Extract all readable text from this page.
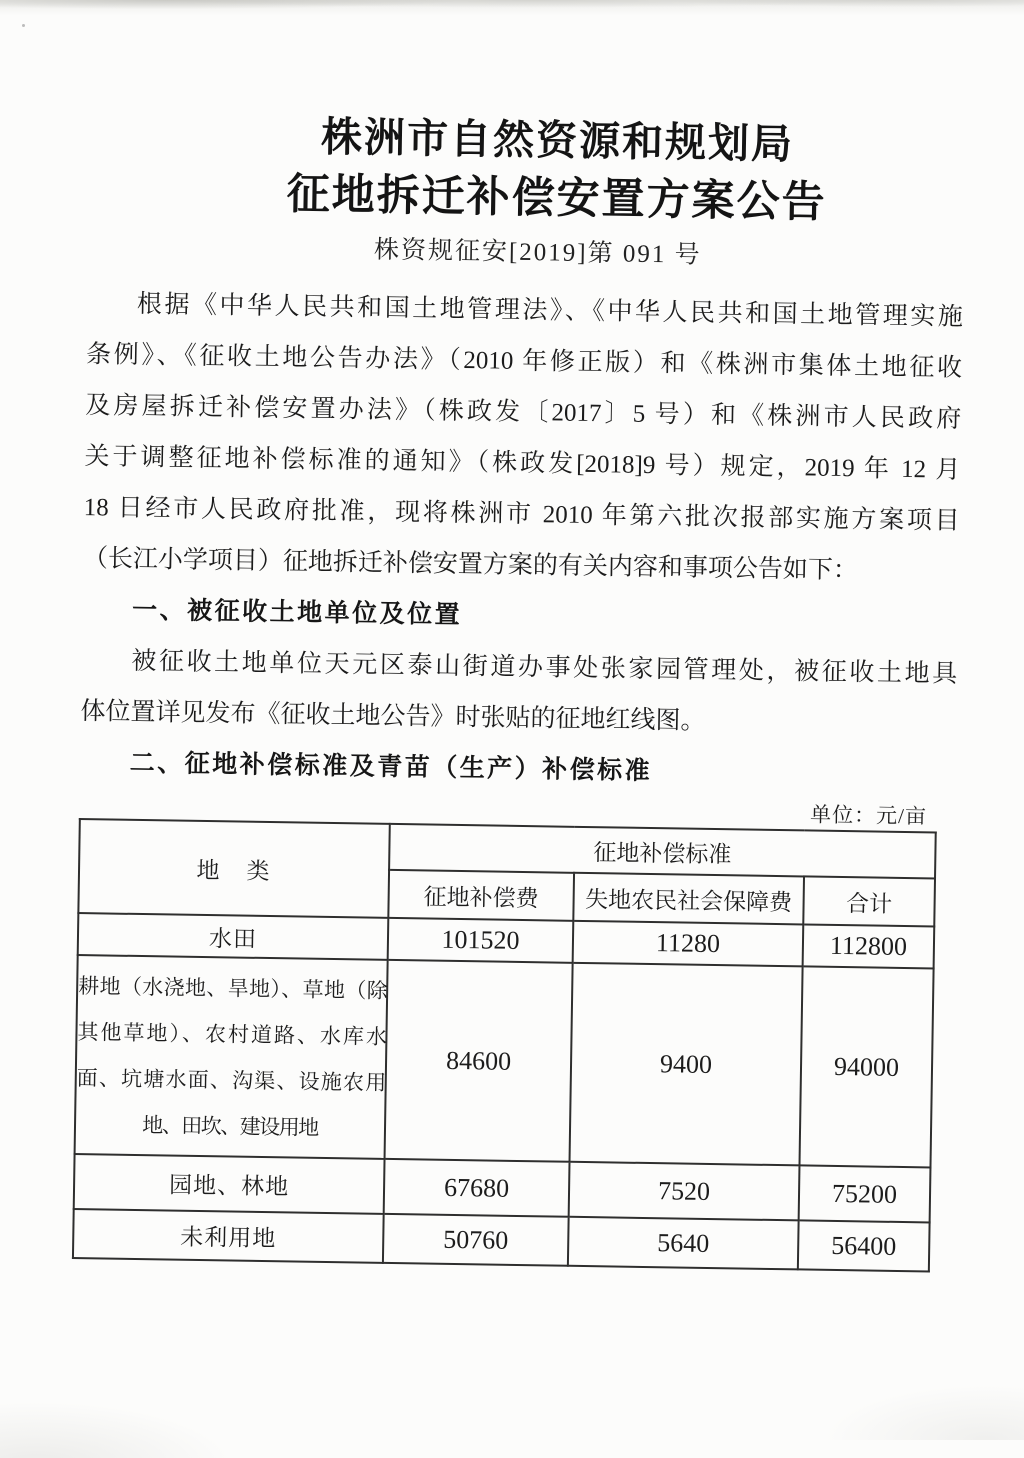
株洲市自然资源和规划局
征地拆迁补偿安置方案公告
株资规征安[2019]第 091 号

根据《中华人民共和国土地管理法》、《中华人民共和国土地管理实施

条例》、《征收土地公告办法》（2010 年修正版）和《株洲市集体土地征收

及房屋拆迁补偿安置办法》（株政发〔2017〕5 号）和《株洲市人民政府

关于调整征地补偿标准的通知》（株政发[2018]9 号）规定，2019 年 12 月

18 日经市人民政府批准，现将株洲市 2010 年第六批次报部实施方案项目

（长江小学项目）征地拆迁补偿安置方案的有关内容和事项公告如下：

一、被征收土地单位及位置

被征收土地单位天元区泰山街道办事处张家园管理处，被征收土地具

体位置详见发布《征收土地公告》时张贴的征地红线图。

二、征地补偿标准及青苗（生产）补偿标准

单位：元/亩
地　类	征地补偿标准		
	征地补偿费	失地农民社会保障费	合计
水田	101520	11280	112800

耕地（水浇地、旱地）、草地（除
其他草地）、农村道路、水库水
面、坑塘水面、沟渠、设施农用
地、田坎、建设用地	84600	9400	94000
园地、林地	67680	7520	75200
未利用地	50760	5640	56400
